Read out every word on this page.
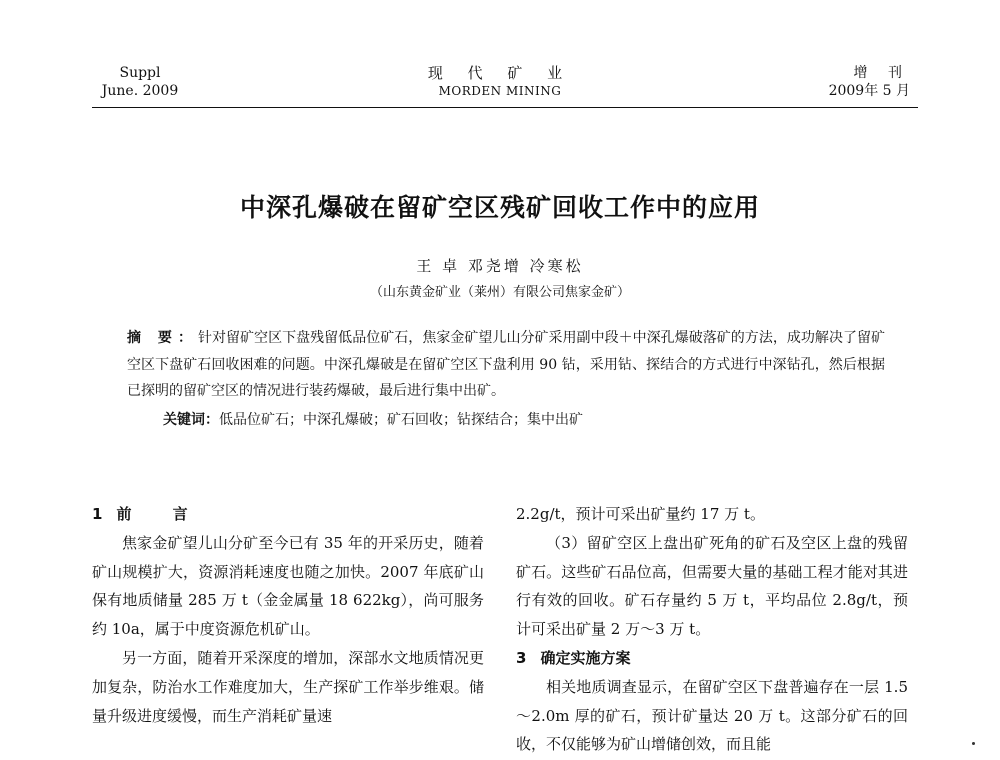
Suppl
June. 2009
现 代 矿 业
MORDEN MINING
增 刊
2009年 5 月
中深孔爆破在留矿空区残矿回收工作中的应用
王 卓 邓尧增 冷寒松
（山东黄金矿业（莱州）有限公司焦家金矿）

摘 要：针对留矿空区下盘残留低品位矿石，焦家金矿望儿山分矿采用副中段＋中深孔爆破落矿的方法，成功解决了留矿空区下盘矿石回收困难的问题。中深孔爆破是在留矿空区下盘利用 90 钻，采用钻、探结合的方式进行中深钻孔，然后根据已探明的留矿空区的情况进行装药爆破，最后进行集中出矿。

关键词：低品位矿石；中深孔爆破；矿石回收；钻探结合；集中出矿

1 前 言

焦家金矿望儿山分矿至今已有 35 年的开采历史，随着矿山规模扩大，资源消耗速度也随之加快。2007 年底矿山保有地质储量 285 万 t（金金属量 18 622kg），尚可服务约 10a，属于中度资源危机矿山。

另一方面，随着开采深度的增加，深部水文地质情况更加复杂，防治水工作难度加大，生产探矿工作举步维艰。储量升级进度缓慢，而生产消耗矿量速

2.2g/t，预计可采出矿量约 17 万 t。

（3）留矿空区上盘出矿死角的矿石及空区上盘的残留矿石。这些矿石品位高，但需要大量的基础工程才能对其进行有效的回收。矿石存量约 5 万 t，平均品位 2.8g/t，预计可采出矿量 2 万～3 万 t。

3 确定实施方案

相关地质调查显示，在留矿空区下盘普遍存在一层 1.5～2.0m 厚的矿石，预计矿量达 20 万 t。这部分矿石的回收，不仅能够为矿山增储创效，而且能
